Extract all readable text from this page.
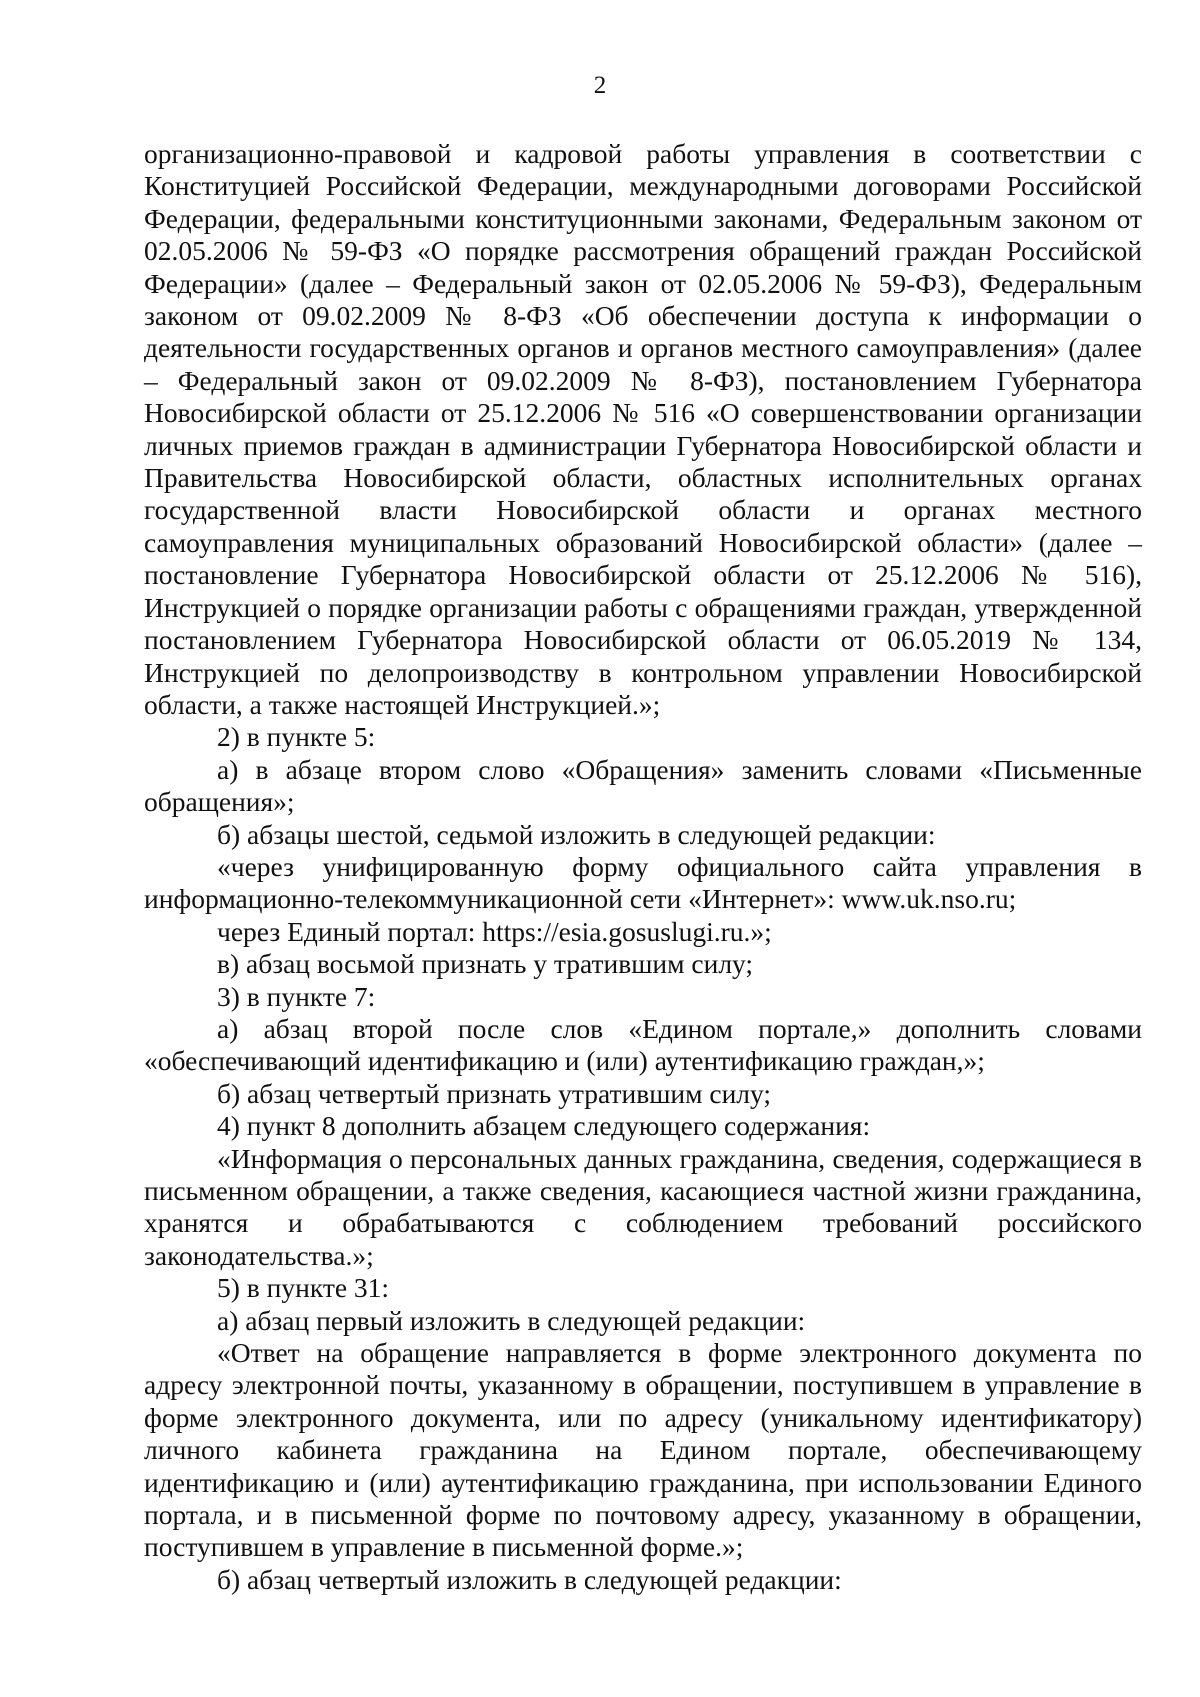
2

организационно-правовой и кадровой работы управления в соответствии с Конституцией Российской Федерации, международными договорами Российской Федерации, федеральными конституционными законами, Федеральным законом от 02.05.2006 № 59-ФЗ «О порядке рассмотрения обращений граждан Российской Федерации» (далее – Федеральный закон от 02.05.2006 № 59-ФЗ), Федеральным законом от 09.02.2009 № 8-ФЗ «Об обеспечении доступа к информации о деятельности государственных органов и органов местного самоуправления» (далее – Федеральный закон от 09.02.2009 № 8-ФЗ), постановлением Губернатора Новосибирской области от 25.12.2006 № 516 «О совершенствовании организации личных приемов граждан в администрации Губернатора Новосибирской области и Правительства Новосибирской области, областных исполнительных органах государственной власти Новосибирской области и органах местного самоуправления муниципальных образований Новосибирской области» (далее – постановление Губернатора Новосибирской области от 25.12.2006 № 516), Инструкцией о порядке организации работы с обращениями граждан, утвержденной постановлением Губернатора Новосибирской области от 06.05.2019 № 134, Инструкцией по делопроизводству в контрольном управлении Новосибирской области, а также настоящей Инструкцией.»;

2) в пункте 5:

а) в абзаце втором слово «Обращения» заменить словами «Письменные обращения»;

б) абзацы шестой, седьмой изложить в следующей редакции:

«через унифицированную форму официального сайта управления в информационно-телекоммуникационной сети «Интернет»: www.uk.nso.ru;

через Единый портал: https://esia.gosuslugi.ru.»;

в) абзац восьмой признать у тратившим силу;

3) в пункте 7:

а) абзац второй после слов «Едином портале,» дополнить словами «обеспечивающий идентификацию и (или) аутентификацию граждан,»;

б) абзац четвертый признать утратившим силу;

4) пункт 8 дополнить абзацем следующего содержания:

«Информация о персональных данных гражданина, сведения, содержащиеся в письменном обращении, а также сведения, касающиеся частной жизни гражданина, хранятся и обрабатываются с соблюдением требований российского законодательства.»;

5) в пункте 31:

а) абзац первый изложить в следующей редакции:

«Ответ на обращение направляется в форме электронного документа по адресу электронной почты, указанному в обращении, поступившем в управление в форме электронного документа, или по адресу (уникальному идентификатору) личного кабинета гражданина на Едином портале, обеспечивающему идентификацию и (или) аутентификацию гражданина, при использовании Единого портала, и в письменной форме по почтовому адресу, указанному в обращении, поступившем в управление в письменной форме.»;

б) абзац четвертый изложить в следующей редакции:
